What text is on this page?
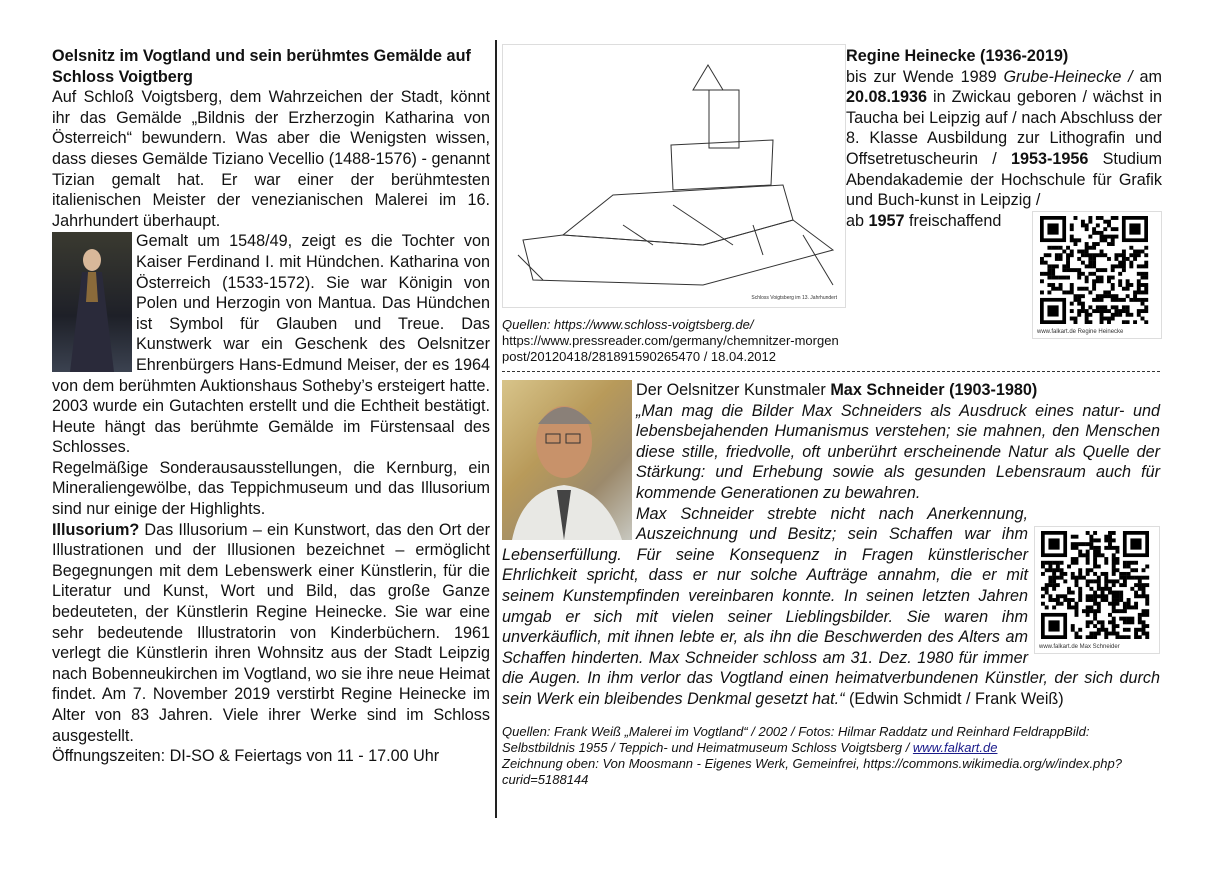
Oelsnitz im Vogtland und sein berühmtes Gemälde auf Schloss Voigtberg

Auf Schloß Voigtsberg, dem Wahrzeichen der Stadt, könnt ihr das Gemälde „Bildnis der Erzherzogin Katharina von Österreich“ bewundern. Was aber die Wenigsten wissen, dass dieses Gemälde Tiziano Vecellio (1488-1576) - genannt Tizian gemalt hat. Er war einer der berühmtesten italienischen Meister der venezianischen Malerei im 16. Jahrhundert überhaupt.

Gemalt um 1548/49, zeigt es die Tochter von Kaiser Ferdinand I. mit Hündchen. Katharina von Österreich (1533-1572). Sie war Königin von Polen und Herzogin von Mantua. Das Hündchen ist Symbol für Glauben und Treue. Das Kunstwerk war ein Geschenk des Oelsnitzer Ehrenbürgers Hans-Edmund Meiser, der es 1964 von dem berühmten Auktionshaus Sotheby’s ersteigert hatte. 2003 wurde ein Gutachten erstellt und die Echtheit bestätigt. Heute hängt das berühmte Gemälde im Fürstensaal des Schlosses.

Regelmäßige Sonderausausstellungen, die Kernburg, ein Mineraliengewölbe, das Teppichmuseum und das Illusorium sind nur einige der Highlights.

Illusorium? Das Illusorium – ein Kunstwort, das den Ort der Illustrationen und der Illusionen bezeichnet – ermöglicht Begegnungen mit dem Lebenswerk einer Künstlerin, für die Literatur und Kunst, Wort und Bild, das große Ganze bedeuteten, der Künstlerin Regine Heinecke. Sie war eine sehr bedeutende Illustratorin von Kinderbüchern. 1961 verlegt die Künstlerin ihren Wohnsitz aus der Stadt Leipzig nach Bobenneukirchen im Vogtland, wo sie ihre neue Heimat findet. Am 7. November 2019 verstirbt Regine Heinecke im Alter von 83 Jahren. Viele ihrer Werke sind im Schloss ausgestellt.

Öffnungszeiten: DI-SO & Feiertags von 11 - 17.00 Uhr

Schloss Voigtsberg im 13. Jahrhundert

Quellen: https://www.schloss-voigtsberg.de/

https://www.pressreader.com/germany/chemnitzer-morgenpost/20120418/281891590265470 / 18.04.2012

Regine Heinecke (1936-2019)

bis zur Wende 1989 Grube-Heinecke / am 20.08.1936 in Zwickau geboren / wächst in Taucha bei Leipzig auf / nach Abschluss der 8. Klasse Ausbildung zur Lithografin und Offsetretuscheurin / 1953-1956 Studium Abendakademie der Hochschule für Grafik und Buch-kunst in Leipzig /

www.falkart.de Regine Heinecke

ab 1957 freischaffend

Der Oelsnitzer Kunstmaler Max Schneider (1903-1980)

„Man mag die Bilder Max Schneiders als Ausdruck eines natur- und lebensbejahenden Humanismus verstehen; sie mahnen, den Menschen diese stille, friedvolle, oft unberührt erscheinende Natur als Quelle der Stärkung: und Erhebung sowie als gesunden Lebensraum auch für kommende Generationen zu bewahren.

www.falkart.de Max Schneider

Max Schneider strebte nicht nach Anerkennung, Auszeichnung und Besitz; sein Schaffen war ihm Lebenserfüllung. Für seine Konsequenz in Fragen künstlerischer Ehrlichkeit spricht, dass er nur solche Aufträge annahm, die er mit seinem Kunstempfinden vereinbaren konnte. In seinen letzten Jahren umgab er sich mit vielen seiner Lieblingsbilder. Sie waren ihm unverkäuflich, mit ihnen lebte er, als ihn die Beschwerden des Alters am Schaffen hinderten. Max Schneider schloss am 31. Dez. 1980 für immer die Augen. In ihm verlor das Vogtland einen heimatverbundenen Künstler, der sich durch sein Werk ein bleibendes Denkmal gesetzt hat.“ (Edwin Schmidt / Frank Weiß)

Quellen: Frank Weiß „Malerei im Vogtland“ / 2002 / Fotos: Hilmar Raddatz und Reinhard FeldrappBild: Selbstbildnis 1955 / Teppich- und Heimatmuseum Schloss Voigtsberg / www.falkart.de

Zeichnung oben: Von Moosmann - Eigenes Werk, Gemeinfrei, https://commons.wikimedia.org/w/index.php?curid=5188144
